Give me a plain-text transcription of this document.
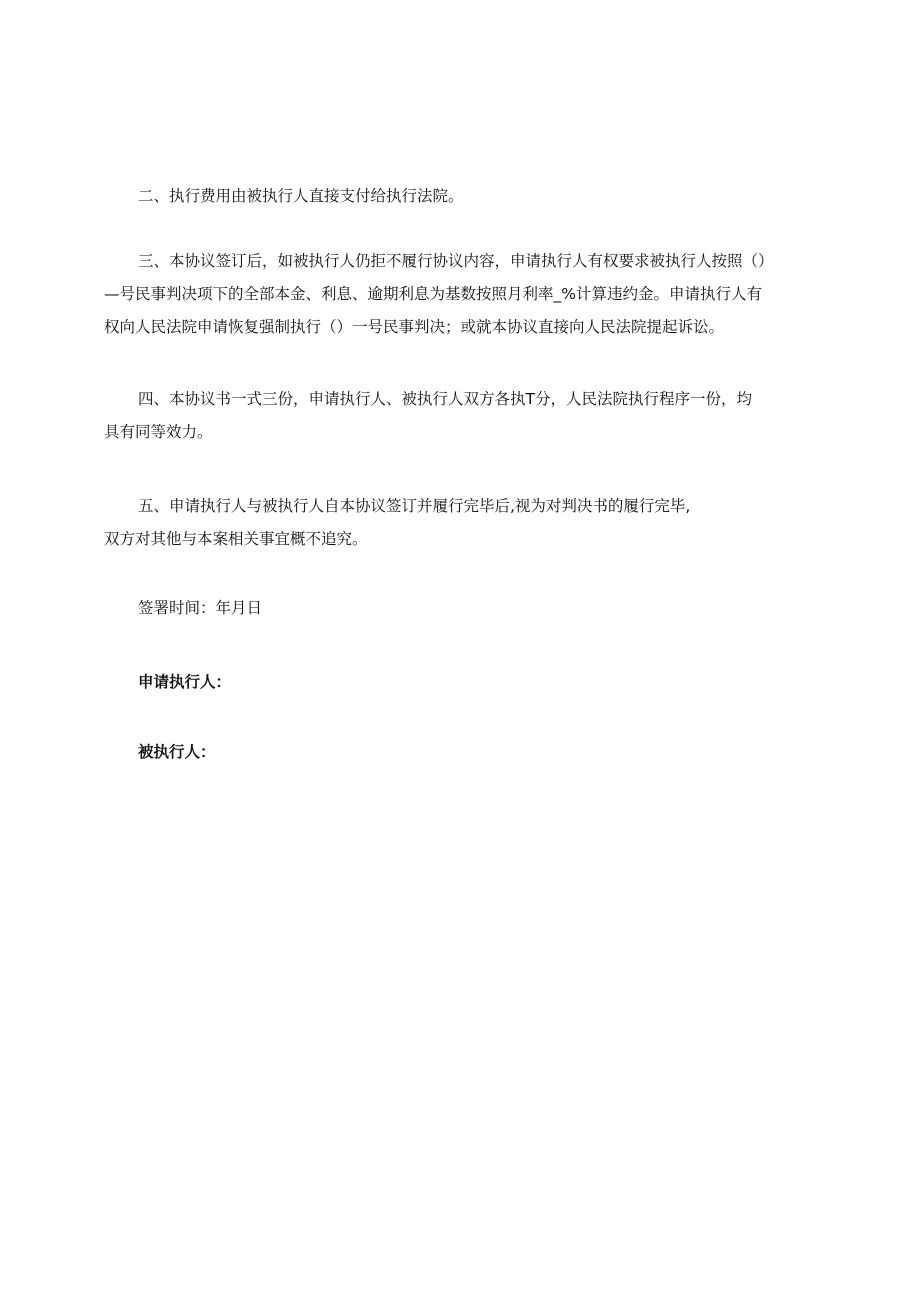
二、执行费用由被执行人直接支付给执行法院。

三、本协议签订后，如被执行人仍拒不履行协议内容，申请执行人有权要求被执行人按照（）
—号民事判决项下的全部本金、利息、逾期利息为基数按照月利率_%计算违约金。申请执行人有
权向人民法院申请恢复强制执行（）一号民事判决；或就本协议直接向人民法院提起诉讼。

四、本协议书一式三份，申请执行人、被执行人双方各执T分，人民法院执行程序一份，均
具有同等效力。

五、申请执行人与被执行人自本协议签订并履行完毕后,视为对判决书的履行完毕,
双方对其他与本案相关事宜概不追究。

签署时间：年月日

申请执行人：

被执行人：
